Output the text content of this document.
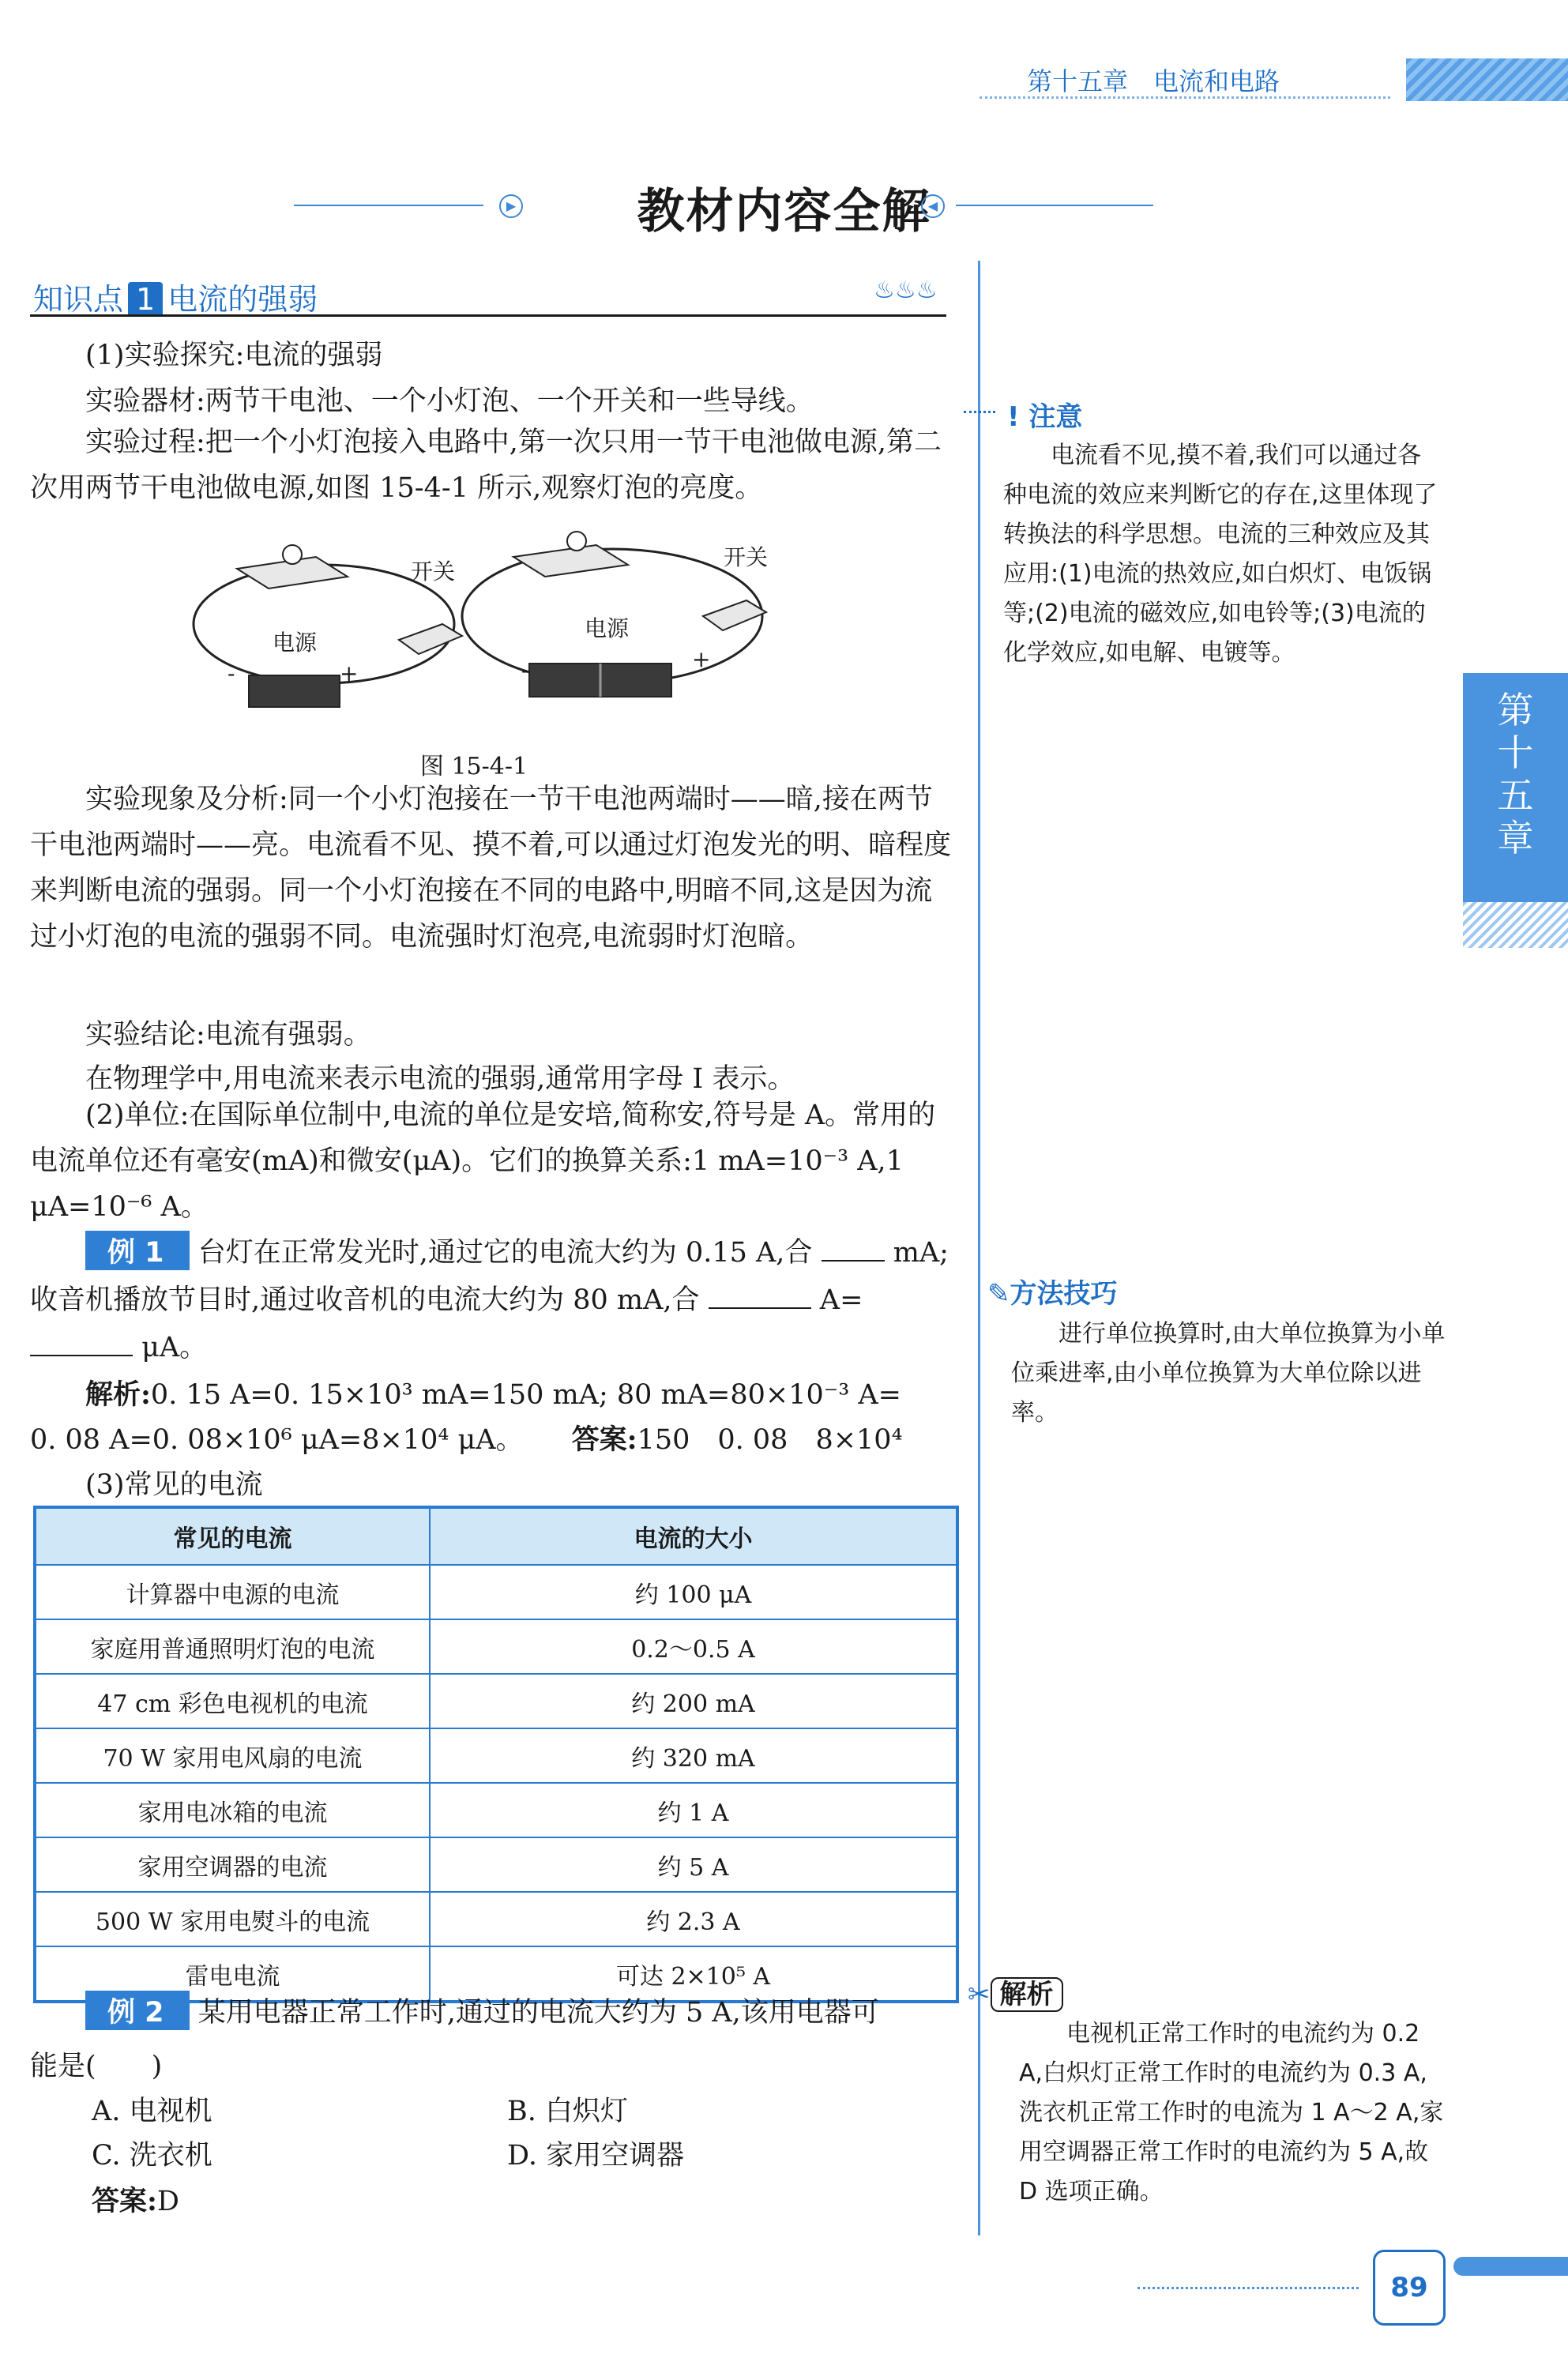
第十五章　电流和电路
▶	教材内容全解
◀
知识点 1 电流的强弱	♨♨♨
(1)实验探究:电流的强弱
实验器材:两节干电池、一个小灯泡、一个开关和一些导线。
实验过程:把一个小灯泡接入电路中,第一次只用一节干电池做电源,第二次用两节干电池做电源,如图 15-4-1 所示,观察灯泡的亮度。
开关
开关
电源
电源
-	+	-	+
图 15-4-1
实验现象及分析:同一个小灯泡接在一节干电池两端时——暗,接在两节干电池两端时——亮。电流看不见、摸不着,可以通过灯泡发光的明、暗程度来判断电流的强弱。同一个小灯泡接在不同的电路中,明暗不同,这是因为流过小灯泡的电流的强弱不同。电流强时灯泡亮,电流弱时灯泡暗。
实验结论:电流有强弱。
在物理学中,用电流来表示电流的强弱,通常用字母 I 表示。
(2)单位:在国际单位制中,电流的单位是安培,简称安,符号是 A。常用的电流单位还有毫安(mA)和微安(μA)。它们的换算关系:1 mA=10⁻³ A,1 μA=10⁻⁶ A。
例 1 台灯在正常发光时,通过它的电流大约为 0.15 A,合	mA;
收音机播放节目时,通过收音机的电流大约为 80 mA,合	A=
μA。
解析:0. 15 A=0. 15×10³ mA=150 mA; 80 mA=80×10⁻³ A=
0. 08 A=0. 08×10⁶ μA=8×10⁴ μA。 答案:150　0. 08　8×10⁴
(3)常见的电流
常见的电流	电流的大小
计算器中电源的电流	约 100 μA
家庭用普通照明灯泡的电流	0.2～0.5 A
47 cm 彩色电视机的电流	约 200 mA
70 W 家用电风扇的电流	约 320 mA
家用电冰箱的电流	约 1 A
家用空调器的电流	约 5 A
500 W 家用电熨斗的电流	约 2.3 A
雷电电流	可达 2×10⁵ A
例 2 某用电器正常工作时,通过的电流大约为 5 A,该用电器可
能是(　　)
A. 电视机	B. 白炽灯
C. 洗衣机	D. 家用空调器
答案:D
! 注意
电流看不见,摸不着,我们可以通过各种电流的效应来判断它的存在,这里体现了转换法的科学思想。电流的三种效应及其应用:(1)电流的热效应,如白炽灯、电饭锅等;(2)电流的磁效应,如电铃等;(3)电流的化学效应,如电解、电镀等。
✎方法技巧
进行单位换算时,由大单位换算为小单位乘进率,由小单位换算为大单位除以进率。
✂ 解析
电视机正常工作时的电流约为 0.2 A,白炽灯正常工作时的电流约为 0.3 A,洗衣机正常工作时的电流为 1 A～2 A,家用空调器正常工作时的电流约为 5 A,故 D 选项正确。
第十五章
89
